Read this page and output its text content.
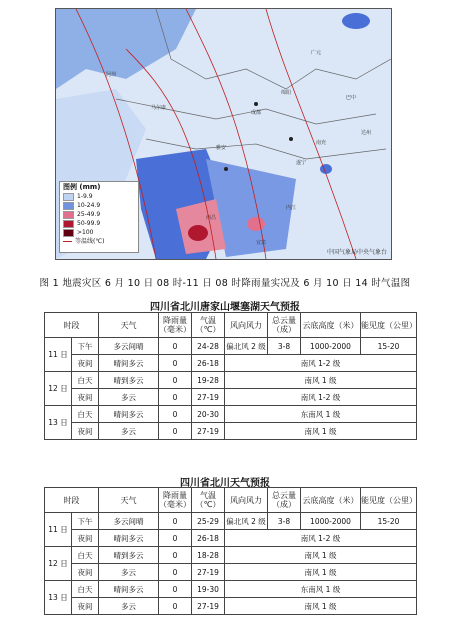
阿坝
马尔康
成都
绵阳
广元
巴中
达州
南充
遂宁
内江
宜宾
西昌
雅安
图例 (mm)
1-9.9
10-24.9
25-49.9
50-99.9
>100
等温线(℃)
中国气象局中央气象台
图 1 地震灾区 6 月 10 日 08 时-11 日 08 时降雨量实况及 6 月 10 日 14 时气温图
四川省北川唐家山堰塞湖天气预报
时段		天气	降雨量（毫米）	气温（℃）	风向风力	总云量（成）	云底高度（米）	能见度（公里）
11 日	下午	多云间晴	0	24-28	偏北风 2 级	3-8	1000-2000	15-20
	夜间	晴间多云	0	26-18	南风 1-2 级			
12 日	白天	晴到多云	0	19-28	南风 1 级			
	夜间	多云	0	27-19	南风 1-2 级			
13 日	白天	晴间多云	0	20-30	东南风 1 级			
	夜间	多云	0	27-19	南风 1 级			
四川省北川天气预报
时段		天气	降雨量（毫米）	气温（℃）	风向风力	总云量（成）	云底高度（米）	能见度（公里）
11 日	下午	多云间晴	0	25-29	偏北风 2 级	3-8	1000-2000	15-20
	夜间	晴间多云	0	26-18	南风 1-2 级			
12 日	白天	晴到多云	0	18-28	南风 1 级			
	夜间	多云	0	27-19	南风 1 级			
13 日	白天	晴间多云	0	19-30	东南风 1 级			
	夜间	多云	0	27-19	南风 1 级			
